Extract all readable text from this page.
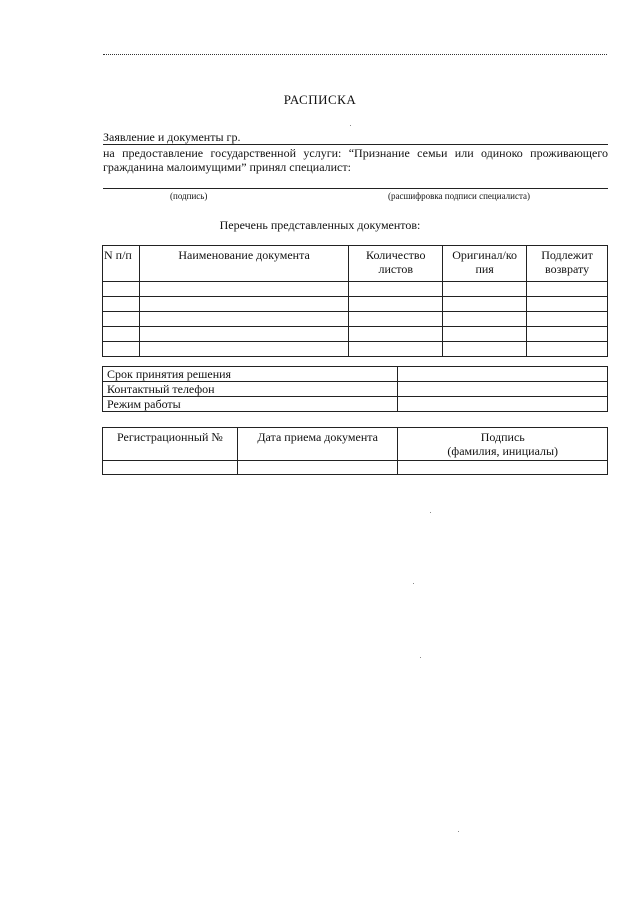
РАСПИСКА
Заявление и документы гр.
на предоставление государственной услуги: “Признание семьи или одиноко проживающего гражданина малоимущими” принял специалист:
(подпись)	(расшифровка подписи специалиста)
Перечень представленных документов:
N п/п	Наименование документа	Количество листов	Оригинал/ко пия	Подлежит возврату

Срок принятия решения	
Контактный телефон	
Режим работы	
Регистрационный №	Дата приема документа	Подпись
(фамилия, инициалы)
